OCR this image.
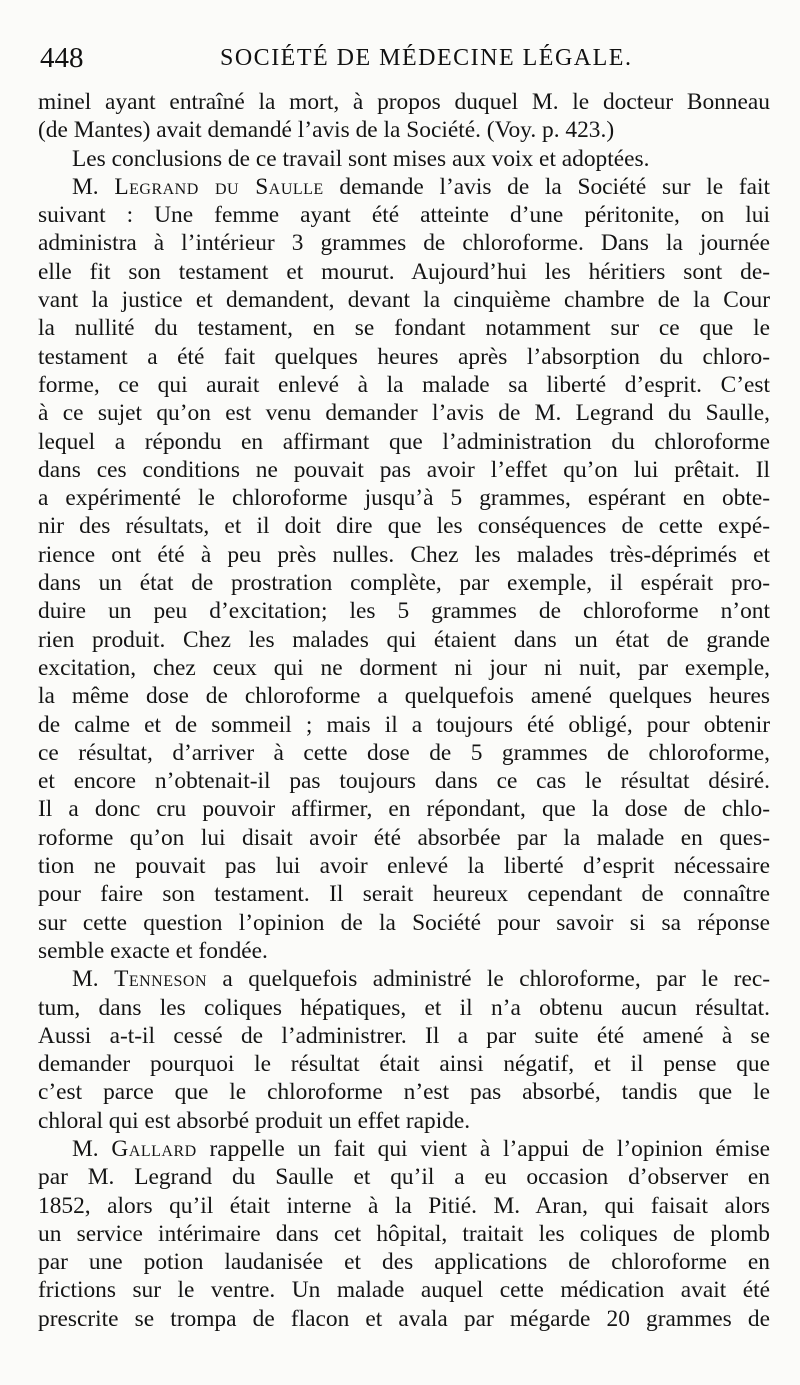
448	SOCIÉTÉ DE MÉDECINE LÉGALE.
minel ayant entraîné la mort, à propos duquel M. le docteur Bonneau
(de Mantes) avait demandé l’avis de la Société. (Voy. p. 423.)
Les conclusions de ce travail sont mises aux voix et adoptées.
M. Legrand du Saulle demande l’avis de la Société sur le fait
suivant : Une femme ayant été atteinte d’une péritonite, on lui
administra à l’intérieur 3 grammes de chloroforme. Dans la journée
elle fit son testament et mourut. Aujourd’hui les héritiers sont de-
vant la justice et demandent, devant la cinquième chambre de la Cour
la nullité du testament, en se fondant notamment sur ce que le
testament a été fait quelques heures après l’absorption du chloro-
forme, ce qui aurait enlevé à la malade sa liberté d’esprit. C’est
à ce sujet qu’on est venu demander l’avis de M. Legrand du Saulle,
lequel a répondu en affirmant que l’administration du chloroforme
dans ces conditions ne pouvait pas avoir l’effet qu’on lui prêtait. Il
a expérimenté le chloroforme jusqu’à 5 grammes, espérant en obte-
nir des résultats, et il doit dire que les conséquences de cette expé-
rience ont été à peu près nulles. Chez les malades très-déprimés et
dans un état de prostration complète, par exemple, il espérait pro-
duire un peu d’excitation; les 5 grammes de chloroforme n’ont
rien produit. Chez les malades qui étaient dans un état de grande
excitation, chez ceux qui ne dorment ni jour ni nuit, par exemple,
la même dose de chloroforme a quelquefois amené quelques heures
de calme et de sommeil ; mais il a toujours été obligé, pour obtenir
ce résultat, d’arriver à cette dose de 5 grammes de chloroforme,
et encore n’obtenait-il pas toujours dans ce cas le résultat désiré.
Il a donc cru pouvoir affirmer, en répondant, que la dose de chlo-
roforme qu’on lui disait avoir été absorbée par la malade en ques-
tion ne pouvait pas lui avoir enlevé la liberté d’esprit nécessaire
pour faire son testament. Il serait heureux cependant de connaître
sur cette question l’opinion de la Société pour savoir si sa réponse
semble exacte et fondée.
M. Tenneson a quelquefois administré le chloroforme, par le rec-
tum, dans les coliques hépatiques, et il n’a obtenu aucun résultat.
Aussi a-t-il cessé de l’administrer. Il a par suite été amené à se
demander pourquoi le résultat était ainsi négatif, et il pense que
c’est parce que le chloroforme n’est pas absorbé, tandis que le
chloral qui est absorbé produit un effet rapide.
M. Gallard rappelle un fait qui vient à l’appui de l’opinion émise
par M. Legrand du Saulle et qu’il a eu occasion d’observer en
1852, alors qu’il était interne à la Pitié. M. Aran, qui faisait alors
un service intérimaire dans cet hôpital, traitait les coliques de plomb
par une potion laudanisée et des applications de chloroforme en
frictions sur le ventre. Un malade auquel cette médication avait été
prescrite se trompa de flacon et avala par mégarde 20 grammes de
